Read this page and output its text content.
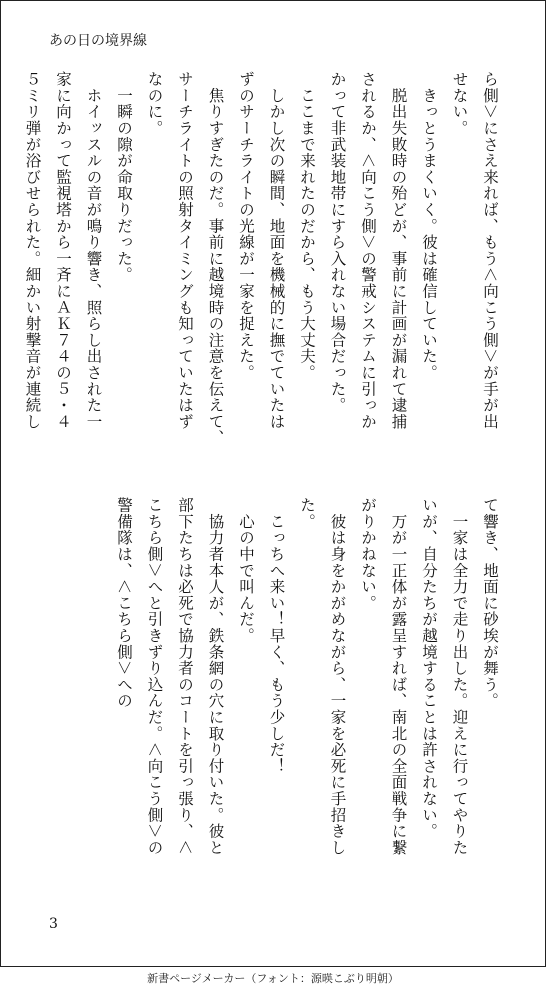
あの日の境界線
ら側＞にさえ来れば、もう＜向こう側＞が手が出
せない。
　きっとうまくいく。彼は確信していた。
　脱出失敗時の殆どが、事前に計画が漏れて逮捕
されるか、＜向こう側＞の警戒システムに引っか
かって非武装地帯にすら入れない場合だった。
　ここまで来れたのだから、もう大丈夫。
　しかし次の瞬間、地面を機械的に撫でていたは
ずのサーチライトの光線が一家を捉えた。
　焦りすぎたのだ。事前に越境時の注意を伝えて、
サーチライトの照射タイミングも知っていたはず
なのに。
　一瞬の隙が命取りだった。
　ホイッスルの音が鳴り響き、照らし出された一
家に向かって監視塔から一斉にＡＫ７４の５・４
５ミリ弾が浴びせられた。細かい射撃音が連続し
て響き、地面に砂埃が舞う。
　一家は全力で走り出した。迎えに行ってやりた
いが、自分たちが越境することは許されない。
　万が一正体が露呈すれば、南北の全面戦争に繋
がりかねない。
　彼は身をかがめながら、一家を必死に手招きし
た。
　こっちへ来い！早く、もう少しだ！
　心の中で叫んだ。
　協力者本人が、鉄条網の穴に取り付いた。彼と
部下たちは必死で協力者のコートを引っ張り、＜
こちら側＞へと引きずり込んだ。＜向こう側＞の
警備隊は、＜こちら側＞への
3
新書ページメーカー（フォント：源暎こぶり明朝）
